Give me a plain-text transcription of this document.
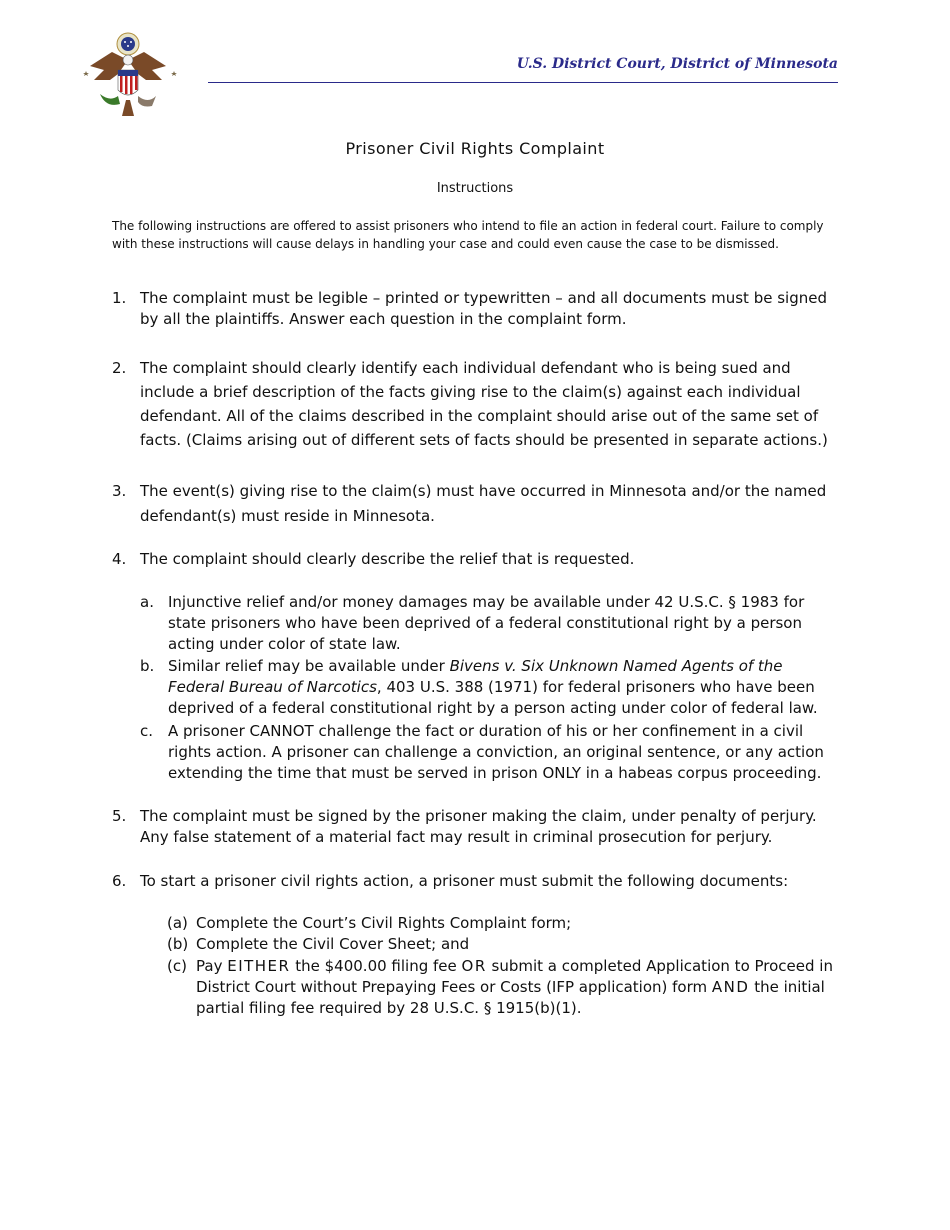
U.S. District Court, District of Minnesota
Prisoner Civil Rights Complaint
Instructions
The following instructions are offered to assist prisoners who intend to file an action in federal court. Failure to comply with these instructions will cause delays in handling your case and could even cause the case to be dismissed.
1. The complaint must be legible – printed or typewritten – and all documents must be signed by all the plaintiffs. Answer each question in the complaint form.
2. The complaint should clearly identify each individual defendant who is being sued and include a brief description of the facts giving rise to the claim(s) against each individual defendant. All of the claims described in the complaint should arise out of the same set of facts. (Claims arising out of different sets of facts should be presented in separate actions.)
3. The event(s) giving rise to the claim(s) must have occurred in Minnesota and/or the named defendant(s) must reside in Minnesota.
4. The complaint should clearly describe the relief that is requested.
a. Injunctive relief and/or money damages may be available under 42 U.S.C. § 1983 for state prisoners who have been deprived of a federal constitutional right by a person acting under color of state law.
b. Similar relief may be available under Bivens v. Six Unknown Named Agents of the Federal Bureau of Narcotics, 403 U.S. 388 (1971) for federal prisoners who have been deprived of a federal constitutional right by a person acting under color of federal law.
c. A prisoner CANNOT challenge the fact or duration of his or her confinement in a civil rights action. A prisoner can challenge a conviction, an original sentence, or any action extending the time that must be served in prison ONLY in a habeas corpus proceeding.
5. The complaint must be signed by the prisoner making the claim, under penalty of perjury. Any false statement of a material fact may result in criminal prosecution for perjury.
6. To start a prisoner civil rights action, a prisoner must submit the following documents:
(a) Complete the Court’s Civil Rights Complaint form;
(b) Complete the Civil Cover Sheet; and
(c) Pay EITHER the $400.00 filing fee OR submit a completed Application to Proceed in District Court without Prepaying Fees or Costs (IFP application) form AND the initial partial filing fee required by 28 U.S.C. § 1915(b)(1).
